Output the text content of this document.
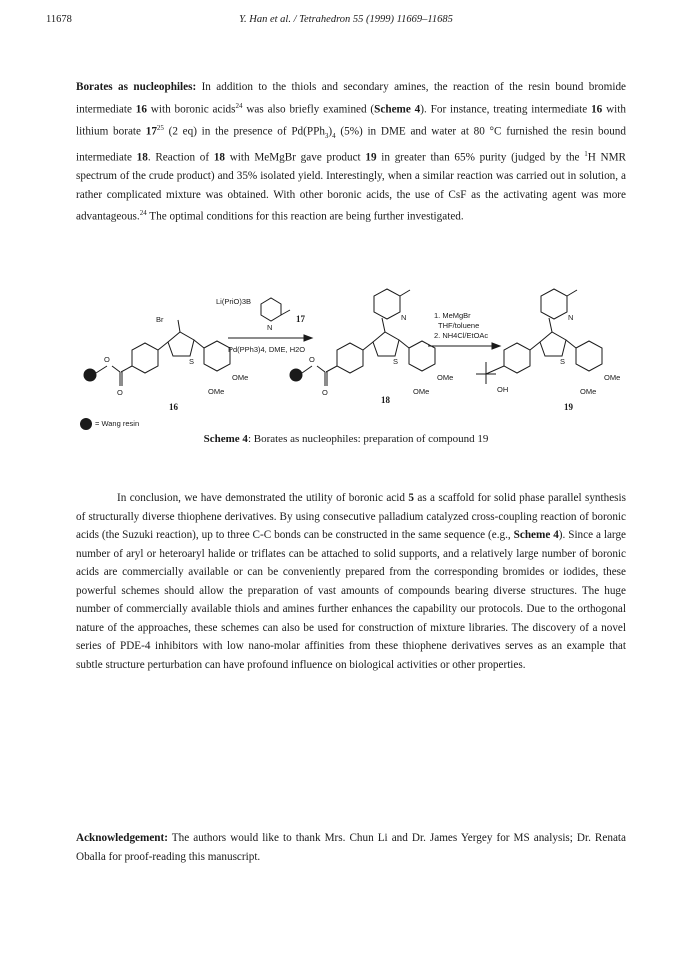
11678	Y. Han et al. / Tetrahedron 55 (1999) 11669–11685
Borates as nucleophiles: In addition to the thiols and secondary amines, the reaction of the resin bound bromide intermediate 16 with boronic acids$^{24}$ was also briefly examined (Scheme 4). For instance, treating intermediate 16 with lithium borate $17^{25}$ (2 eq) in the presence of $Pd(PPh_3)_4$ (5%) in DME and water at 80 °C furnished the resin bound intermediate 18. Reaction of 18 with MeMgBr gave product 19 in greater than 65% purity (judged by the $^1$H NMR spectrum of the crude product) and 35% isolated yield. Interestingly, when a similar reaction was carried out in solution, a rather complicated mixture was obtained. With other boronic acids, the use of CsF as the activating agent was more advantageous.$^{24}$ The optimal conditions for this reaction are being further investigated.
O
O
Br
S
OMe
OMe
16
Li(PriO)3B
N
17
Pd(PPh3)4, DME, H2O
O
O
N
S
OMe
OMe
18
1. MeMgBr
THF/toluene
2. NH4Cl/EtOAc
OH
N
S
OMe
OMe
19
= Wang resin
Scheme 4: Borates as nucleophiles: preparation of compound 19
In conclusion, we have demonstrated the utility of boronic acid 5 as a scaffold for solid phase parallel synthesis of structurally diverse thiophene derivatives. By using consecutive palladium catalyzed cross-coupling reaction of boronic acids (the Suzuki reaction), up to three C-C bonds can be constructed in the same sequence (e.g., Scheme 4). Since a large number of aryl or heteroaryl halide or triflates can be attached to solid supports, and a relatively large number of boronic acids are commercially available or can be conveniently prepared from the corresponding bromides or iodides, these powerful schemes should allow the preparation of vast amounts of compounds bearing diverse structures. The huge number of commercially available thiols and amines further enhances the capability our protocols. Due to the orthogonal nature of the approaches, these schemes can also be used for construction of mixture libraries. The discovery of a novel series of PDE-4 inhibitors with low nano-molar affinities from these thiophene derivatives serves as an example that subtle structure perturbation can have profound influence on biological activities or other properties.
Acknowledgement: The authors would like to thank Mrs. Chun Li and Dr. James Yergey for MS analysis; Dr. Renata Oballa for proof-reading this manuscript.
